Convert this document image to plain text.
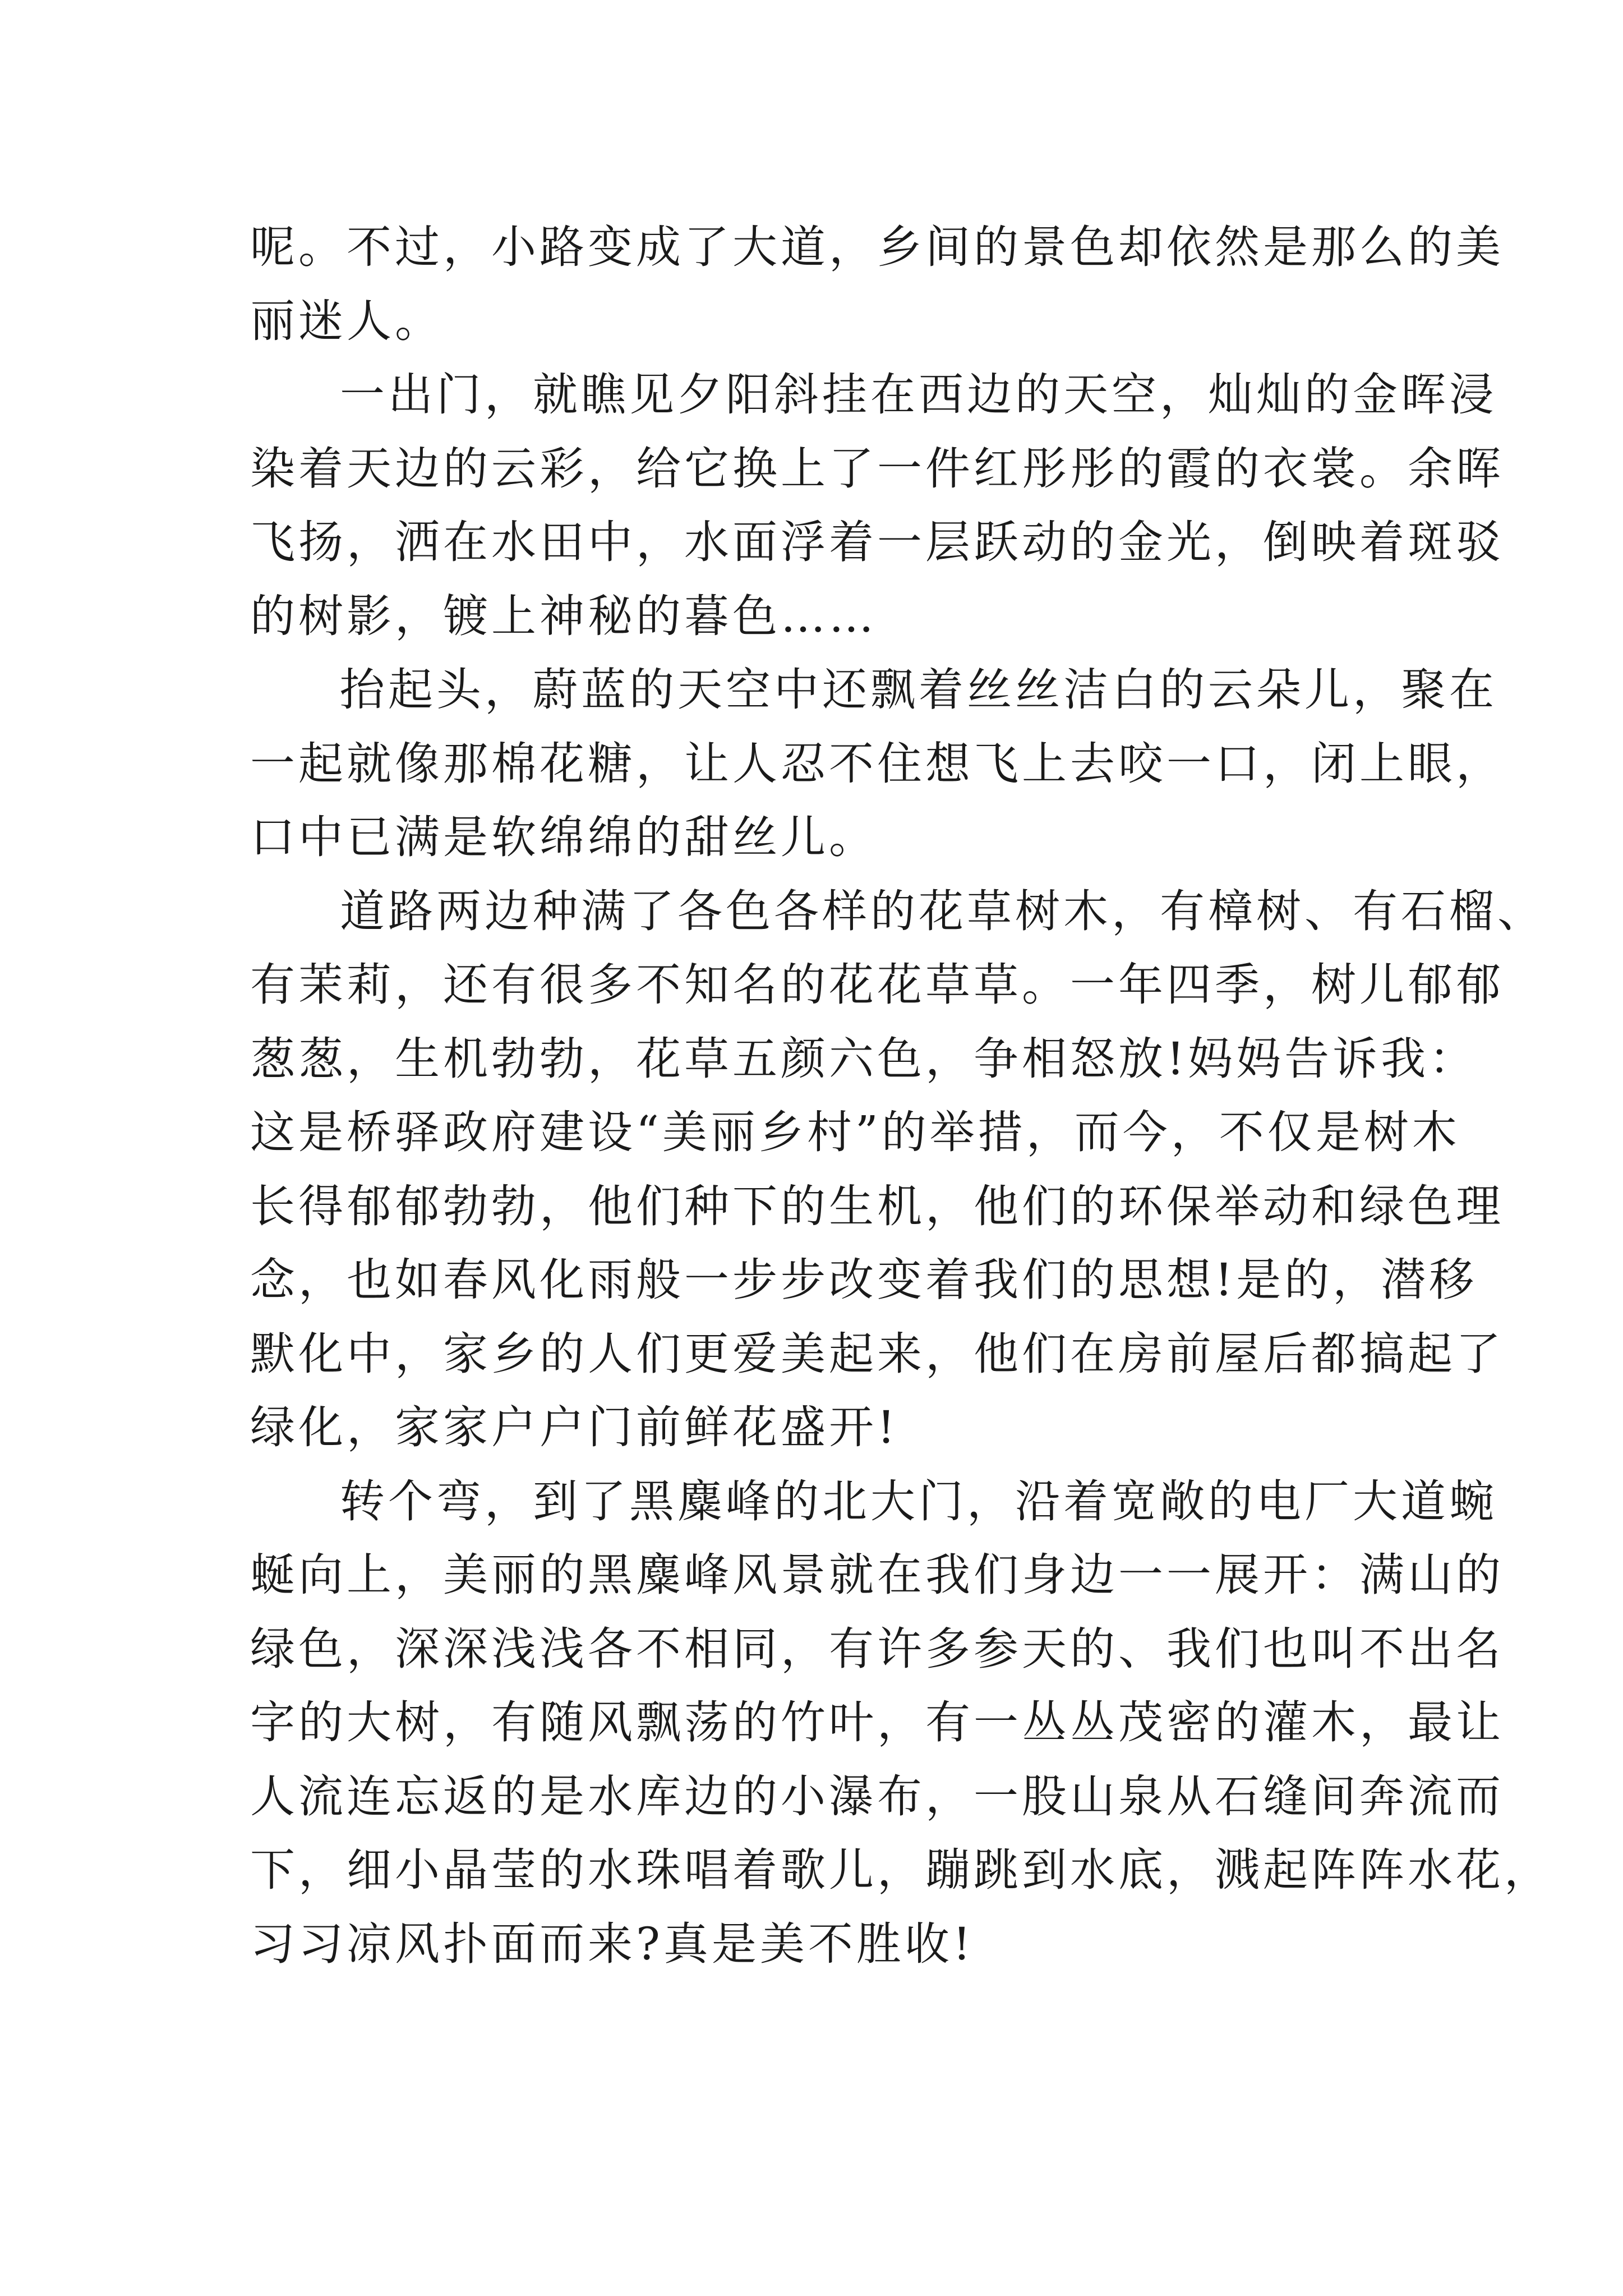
呢。不过，小路变成了大道，乡间的景色却依然是那么的美
丽迷人。
一出门，就瞧见夕阳斜挂在西边的天空，灿灿的金晖浸
染着天边的云彩，给它换上了一件红彤彤的霞的衣裳。余晖
飞扬，洒在水田中，水面浮着一层跃动的金光，倒映着斑驳
的树影，镀上神秘的暮色……
抬起头，蔚蓝的天空中还飘着丝丝洁白的云朵儿，聚在
一起就像那棉花糖，让人忍不住想飞上去咬一口，闭上眼，
口中已满是软绵绵的甜丝儿。
道路两边种满了各色各样的花草树木，有樟树、有石榴、
有茉莉，还有很多不知名的花花草草。一年四季，树儿郁郁
葱葱，生机勃勃，花草五颜六色，争相怒放!妈妈告诉我：
这是桥驿政府建设“美丽乡村”的举措，而今，不仅是树木
长得郁郁勃勃，他们种下的生机，他们的环保举动和绿色理
念，也如春风化雨般一步步改变着我们的思想!是的，潜移
默化中，家乡的人们更爱美起来，他们在房前屋后都搞起了
绿化，家家户户门前鲜花盛开!
转个弯，到了黑麋峰的北大门，沿着宽敞的电厂大道蜿
蜒向上，美丽的黑麋峰风景就在我们身边一一展开：满山的
绿色，深深浅浅各不相同，有许多参天的、我们也叫不出名
字的大树，有随风飘荡的竹叶，有一丛丛茂密的灌木，最让
人流连忘返的是水库边的小瀑布，一股山泉从石缝间奔流而
下，细小晶莹的水珠唱着歌儿，蹦跳到水底，溅起阵阵水花，
习习凉风扑面而来?真是美不胜收!
